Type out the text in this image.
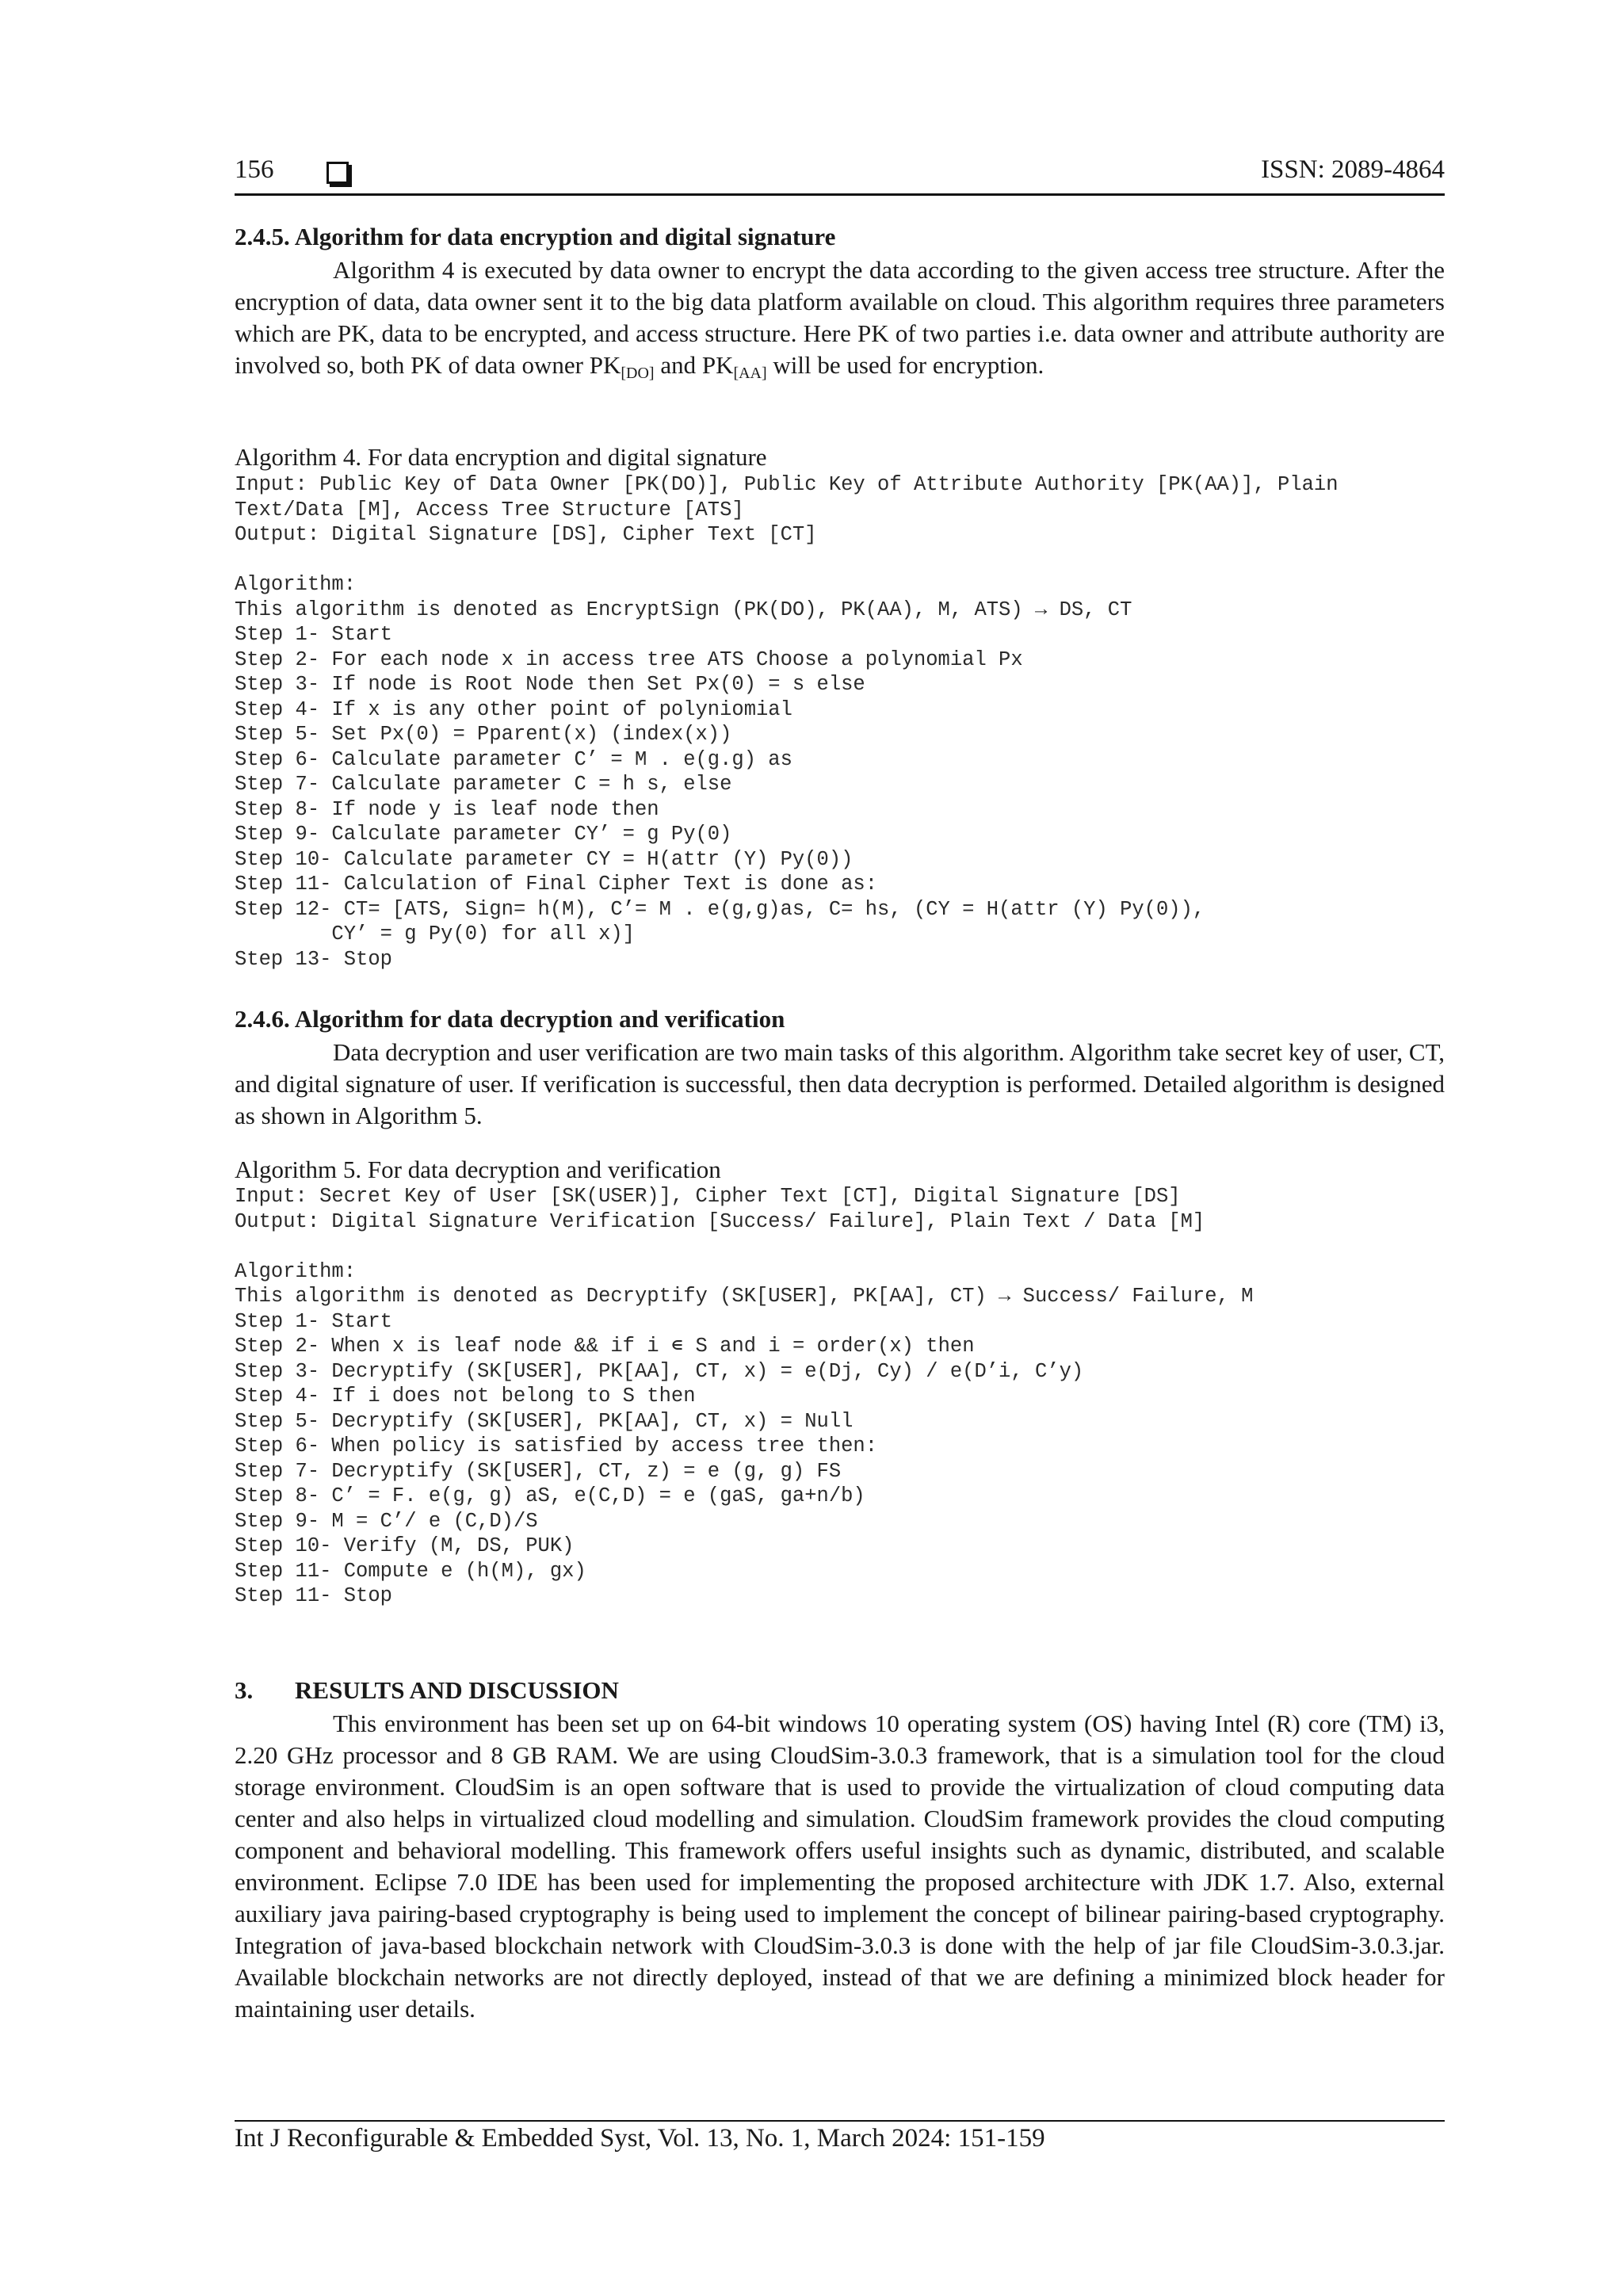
156	ISSN: 2089-4864
2.4.5. Algorithm for data encryption and digital signature

Algorithm 4 is executed by data owner to encrypt the data according to the given access tree structure. After the encryption of data, data owner sent it to the big data platform available on cloud. This algorithm requires three parameters which are PK, data to be encrypted, and access structure. Here PK of two parties i.e. data owner and attribute authority are involved so, both PK of data owner $PK_{[DO]}$ and $PK_{[AA]}$ will be used for encryption.

Algorithm 4. For data encryption and digital signature
Input: Public Key of Data Owner [PK(DO)], Public Key of Attribute Authority [PK(AA)], Plain
Text/Data [M], Access Tree Structure [ATS]
Output: Digital Signature [DS], Cipher Text [CT]
Algorithm:
This algorithm is denoted as EncryptSign (PK(DO), PK(AA), M, ATS) → DS, CT
Step 1- Start
Step 2- For each node x in access tree ATS Choose a polynomial Px
Step 3- If node is Root Node then Set Px(0) = s else
Step 4- If x is any other point of polyniomial
Step 5- Set Px(0) = Pparent(x) (index(x))
Step 6- Calculate parameter C’ = M . e(g.g) as
Step 7- Calculate parameter C = h s, else
Step 8- If node y is leaf node then
Step 9- Calculate parameter CY’ = g Py(0)
Step 10- Calculate parameter CY = H(attr (Y) Py(0))
Step 11- Calculation of Final Cipher Text is done as:
Step 12- CT= [ATS, Sign= h(M), C’= M . e(g,g)as, C= hs, (CY = H(attr (Y) Py(0)),
CY’ = g Py(0) for all x)]
Step 13- Stop
2.4.6. Algorithm for data decryption and verification

Data decryption and user verification are two main tasks of this algorithm. Algorithm take secret key of user, CT, and digital signature of user. If verification is successful, then data decryption is performed. Detailed algorithm is designed as shown in Algorithm 5.

Algorithm 5. For data decryption and verification
Input: Secret Key of User [SK(USER)], Cipher Text [CT], Digital Signature [DS]
Output: Digital Signature Verification [Success/ Failure], Plain Text / Data [M]
Algorithm:
This algorithm is denoted as Decryptify (SK[USER], PK[AA], CT) → Success/ Failure, M
Step 1- Start
Step 2- When x is leaf node && if i ∊ S and i = order(x) then
Step 3- Decryptify (SK[USER], PK[AA], CT, x) = e(Dj, Cy) / e(D’i, C’y)
Step 4- If i does not belong to S then
Step 5- Decryptify (SK[USER], PK[AA], CT, x) = Null
Step 6- When policy is satisfied by access tree then:
Step 7- Decryptify (SK[USER], CT, z) = e (g, g) FS
Step 8- C’ = F. e(g, g) aS, e(C,D) = e (gaS, ga+n/b)
Step 9- M = C’/ e (C,D)/S
Step 10- Verify (M, DS, PUK)
Step 11- Compute e (h(M), gx)
Step 11- Stop
3. RESULTS AND DISCUSSION

This environment has been set up on 64-bit windows 10 operating system (OS) having Intel (R) core (TM) i3, 2.20 GHz processor and 8 GB RAM. We are using CloudSim-3.0.3 framework, that is a simulation tool for the cloud storage environment. CloudSim is an open software that is used to provide the virtualization of cloud computing data center and also helps in virtualized cloud modelling and simulation. CloudSim framework provides the cloud computing component and behavioral modelling. This framework offers useful insights such as dynamic, distributed, and scalable environment. Eclipse 7.0 IDE has been used for implementing the proposed architecture with JDK 1.7. Also, external auxiliary java pairing-based cryptography is being used to implement the concept of bilinear pairing-based cryptography. Integration of java-based blockchain network with CloudSim-3.0.3 is done with the help of jar file CloudSim-3.0.3.jar. Available blockchain networks are not directly deployed, instead of that we are defining a minimized block header for maintaining user details.

Int J Reconfigurable & Embedded Syst, Vol. 13, No. 1, March 2024: 151-159
